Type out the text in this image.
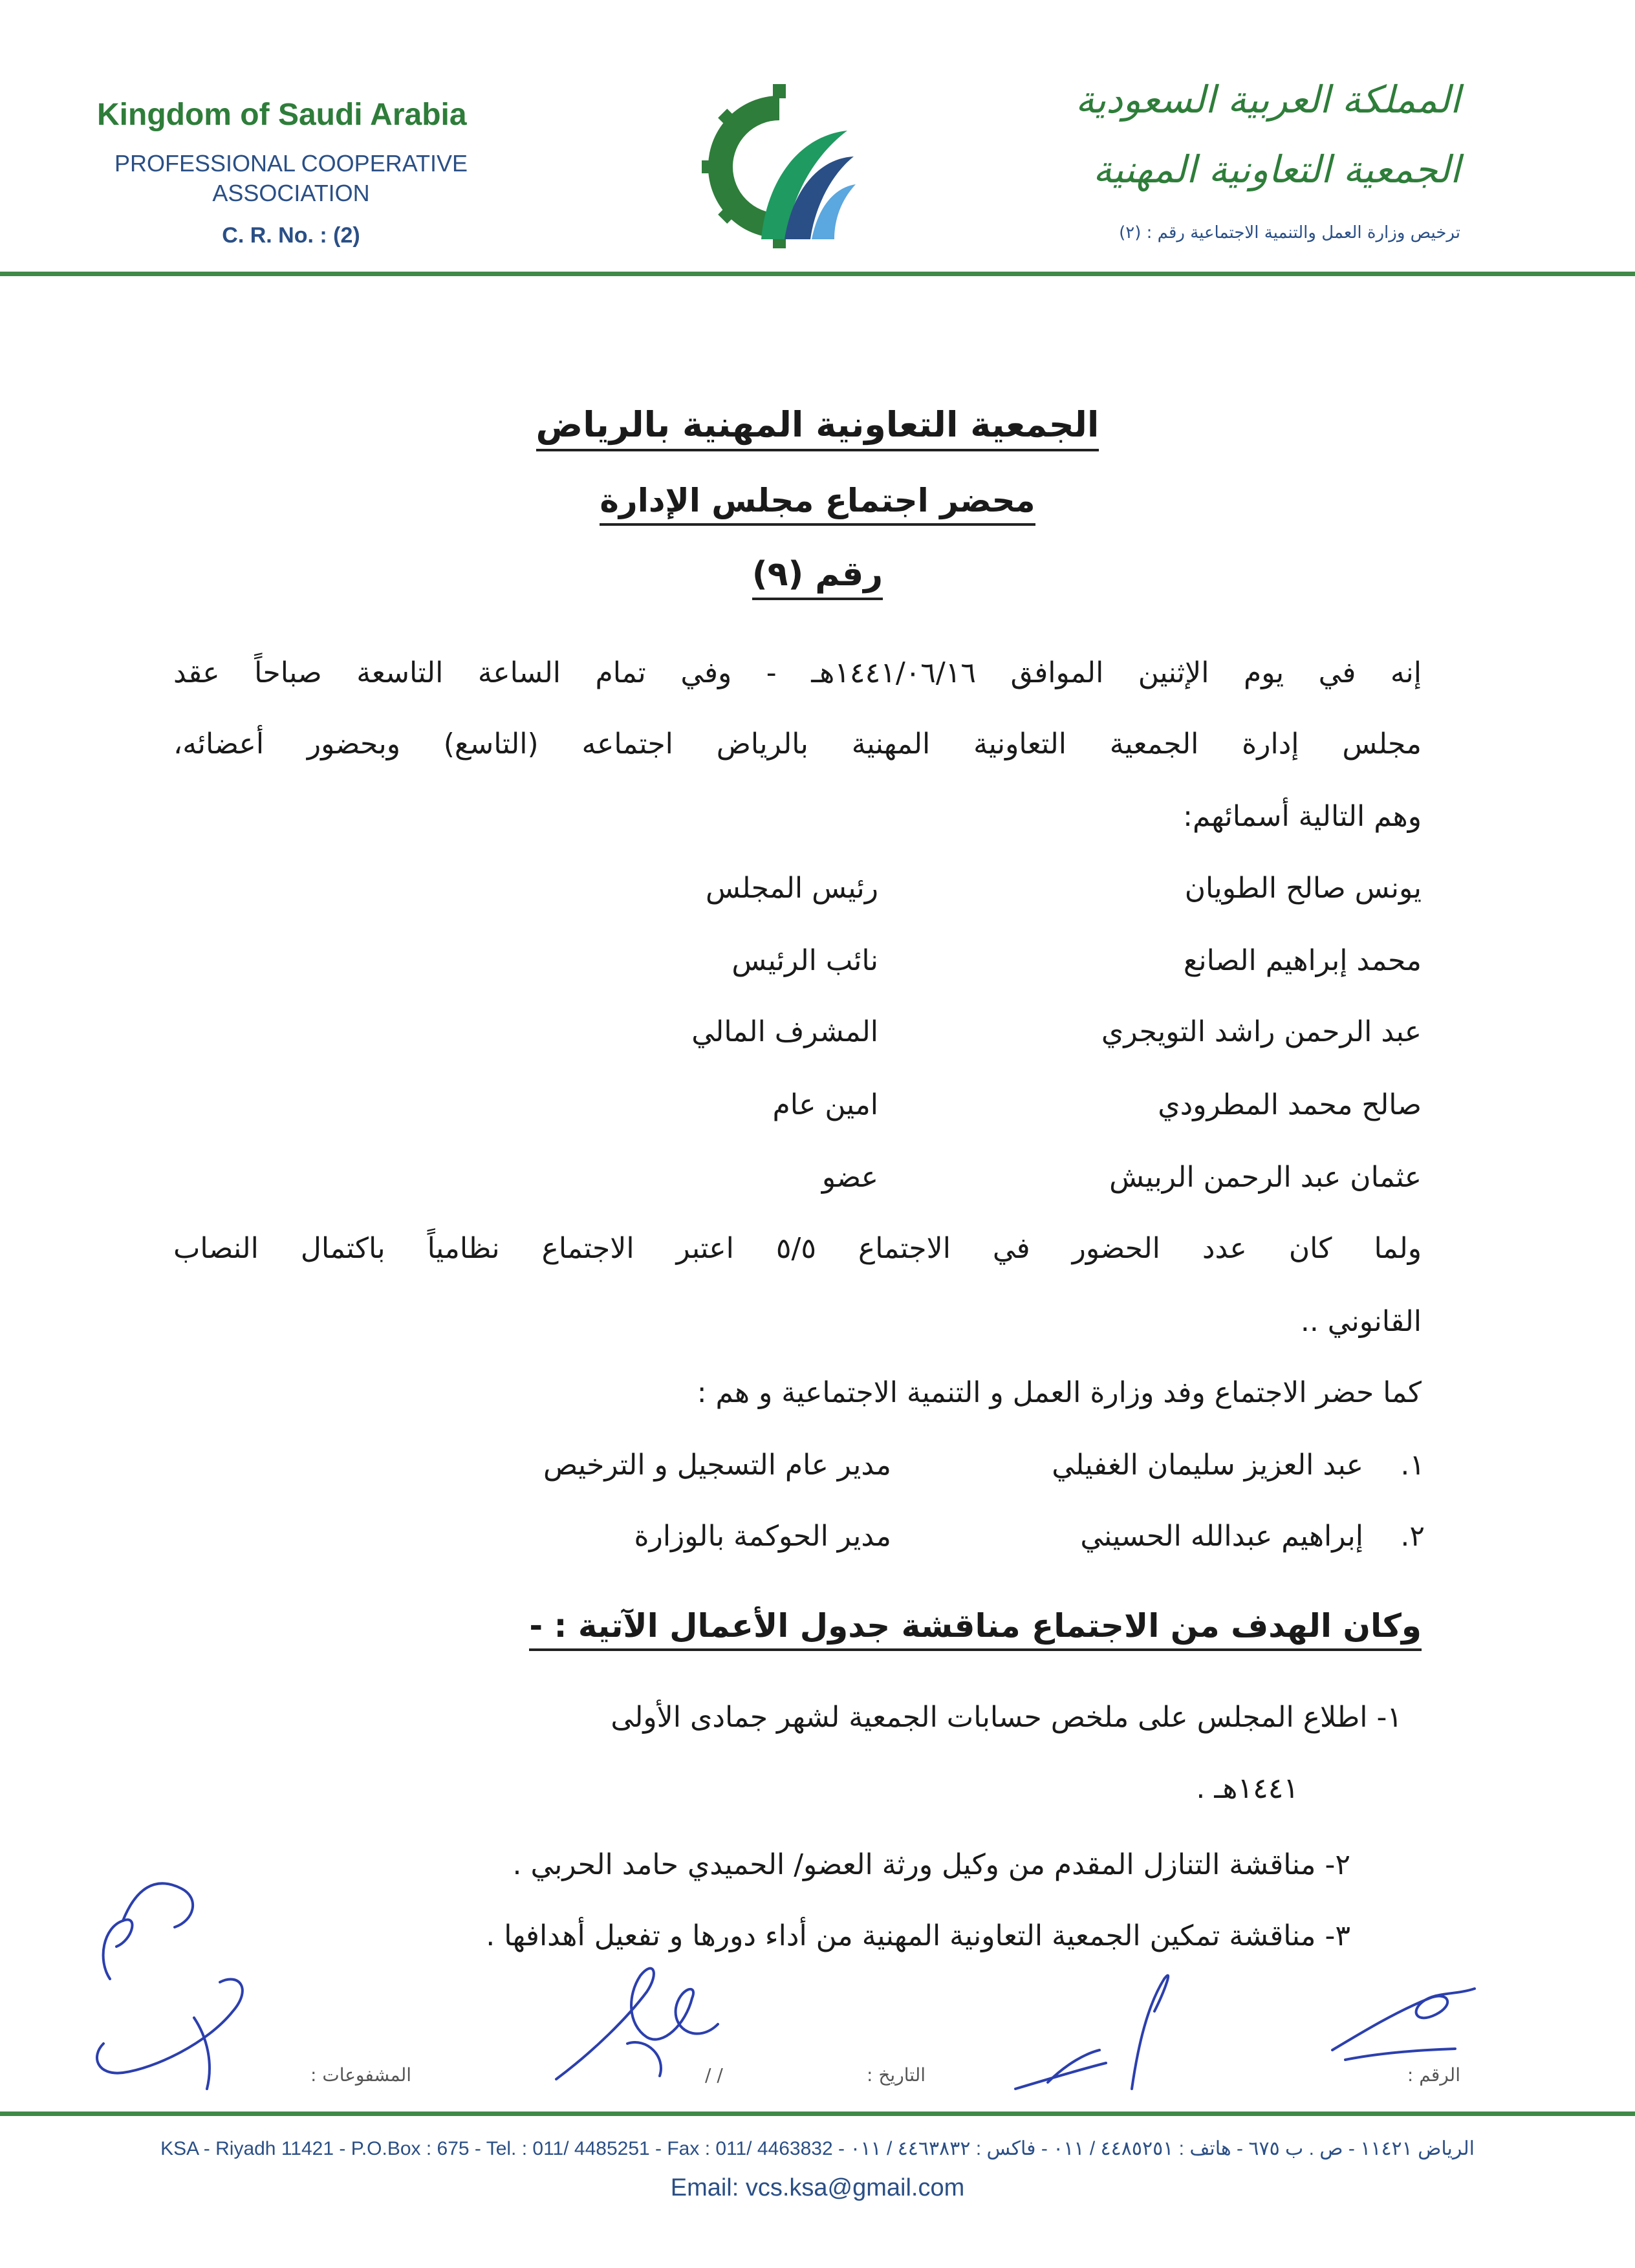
Kingdom of Saudi Arabia
PROFESSIONAL COOPERATIVE
ASSOCIATION
C. R. No. : (2)
المملكة العربية السعودية
الجمعية التعاونية المهنية
ترخيص وزارة العمل والتنمية الاجتماعية رقم : (٢)
الجمعية التعاونية المهنية بالرياض
محضر اجتماع مجلس الإدارة
رقم (٩)
إنه في يوم الإثنين الموافق ١٤٤١/٠٦/١٦هـ - وفي تمام الساعة التاسعة صباحاً عقد
مجلس إدارة الجمعية التعاونية المهنية بالرياض اجتماعه (التاسع) وبحضور أعضائه،
وهم التالية أسمائهم:
يونس صالح الطويان
رئيس المجلس
محمد إبراهيم الصانع
نائب الرئيس
عبد الرحمن راشد التويجري
المشرف المالي
صالح محمد المطرودي
امين عام
عثمان عبد الرحمن الربيش
عضو
ولما كان عدد الحضور في الاجتماع ٥/٥ اعتبر الاجتماع نظامياً باكتمال النصاب
القانوني ..
كما حضر الاجتماع وفد وزارة العمل و التنمية الاجتماعية و هم :
١.
عبد العزيز سليمان الغفيلي
مدير عام التسجيل و الترخيص
٢.
إبراهيم عبدالله الحسيني
مدير الحوكمة بالوزارة
وكان الهدف من الاجتماع مناقشة جدول الأعمال الآتية : -
١- اطلاع المجلس على ملخص حسابات الجمعية لشهر جمادى الأولى
١٤٤١هـ .
٢- مناقشة التنازل المقدم من وكيل ورثة العضو/ الحميدي حامد الحربي .
٣- مناقشة تمكين الجمعية التعاونية المهنية من أداء دورها و تفعيل أهدافها .
الرقم :
التاريخ :
/ /
المشفوعات :
KSA - Riyadh 11421 - P.O.Box : 675 - Tel. : 011/ 4485251 - Fax : 011/ 4463832 - الرياض ١١٤٢١ - ص . ب ٦٧٥ - هاتف : ٤٤٨٥٢٥١ / ٠١١ - فاكس : ٤٤٦٣٨٣٢ / ٠١١
Email: vcs.ksa@gmail.com
